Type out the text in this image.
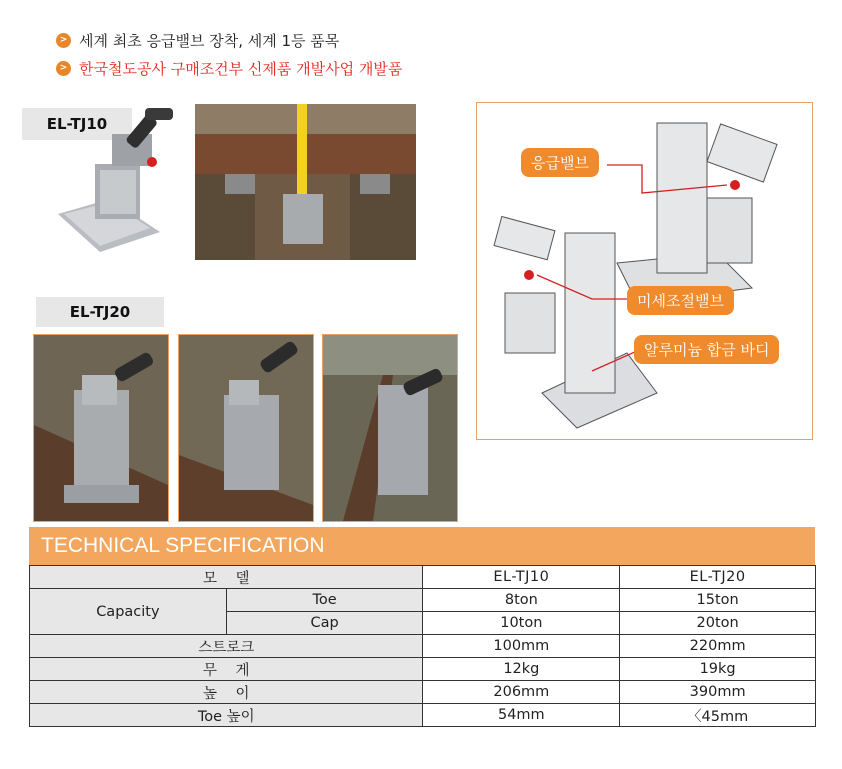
> 세계 최초 응급밸브 장착, 세계 1등 품목
> 한국철도공사 구매조건부 신제품 개발사업 개발품
EL-TJ10
EL-TJ20
응급밸브
미세조절밸브
알루미늄 합금 바디
TECHNICAL SPECIFICATION
모    델		EL-TJ10	EL-TJ20
Capacity	Toe	8ton	15ton
	Cap	10ton	20ton
스트로크		100mm	220mm
무    게		12kg	19kg
높    이		206mm	390mm
Toe 높이		54mm	〈45mm
